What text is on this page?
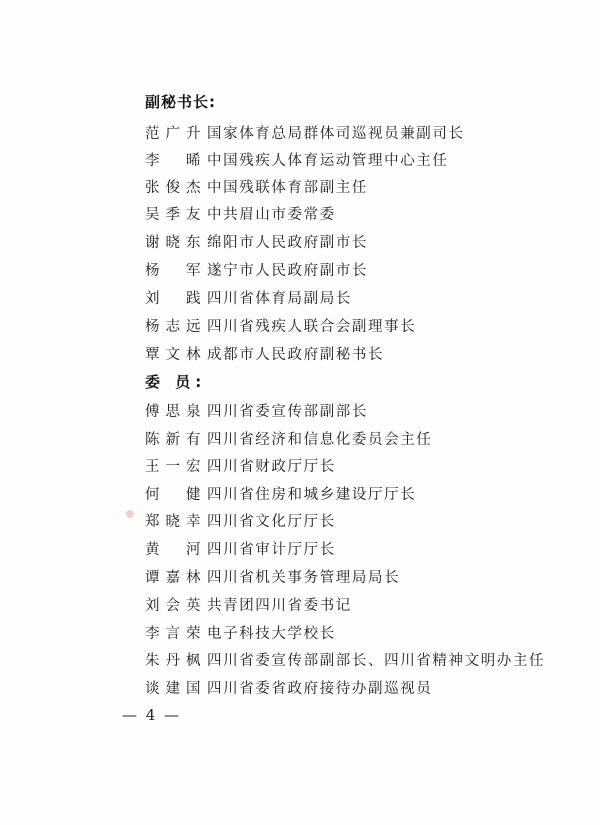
副秘书长:
范广升 国家体育总局群体司巡视员兼副司长
李晞 中国残疾人体育运动管理中心主任
张俊杰 中国残联体育部副主任
吴季友 中共眉山市委常委
谢晓东 绵阳市人民政府副市长
杨军 遂宁市人民政府副市长
刘践 四川省体育局副局长
杨志远 四川省残疾人联合会副理事长
覃文林 成都市人民政府副秘书长
委 员:
傅思泉 四川省委宣传部副部长
陈新有 四川省经济和信息化委员会主任
王一宏 四川省财政厅厅长
何健 四川省住房和城乡建设厅厅长
郑晓幸 四川省文化厅厅长
黄河 四川省审计厅厅长
谭嘉林 四川省机关事务管理局局长
刘会英 共青团四川省委书记
李言荣 电子科技大学校长
朱丹枫 四川省委宣传部副部长、四川省精神文明办主任
谈建国 四川省委省政府接待办副巡视员
— 4 —
